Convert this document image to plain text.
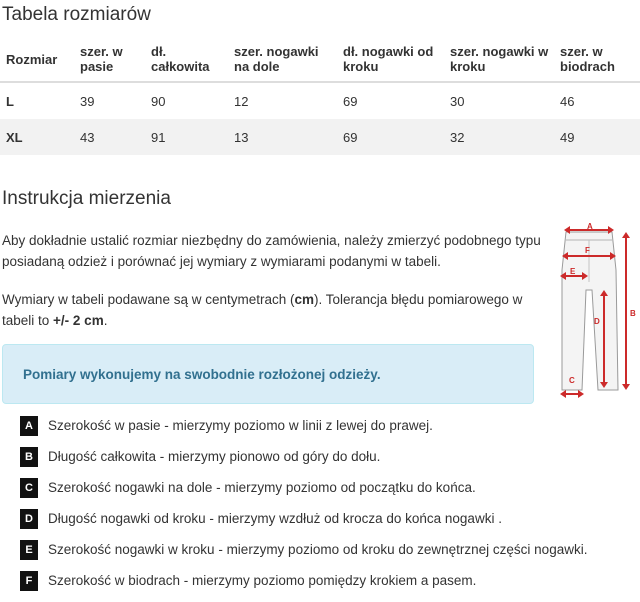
Tabela rozmiarów
Rozmiar	szer. w pasie	dł. całkowita	szer. nogawki na dole	dł. nogawki od kroku	szer. nogawki w kroku	szer. w biodrach
L	39	90	12	69	30	46
XL	43	91	13	69	32	49
Instrukcja mierzenia

Aby dokładnie ustalić rozmiar niezbędny do zamówienia, należy zmierzyć podobnego typu posiadaną odzież i porównać jej wymiary z wymiarami podanymi w tabeli.

Wymiary w tabeli podawane są w centymetrach (cm). Tolerancja błędu pomiarowego w tabeli to +/- 2 cm.

Pomiary wykonujemy na swobodnie rozłożonej odzieży.
A	Szerokość w pasie - mierzymy poziomo w linii z lewej do prawej.
B	Długość całkowita - mierzymy pionowo od góry do dołu.
C	Szerokość nogawki na dole - mierzymy poziomo od początku do końca.
D	Długość nogawki od kroku - mierzymy wzdłuż od krocza do końca nogawki .
E	Szerokość nogawki w kroku - mierzymy poziomo od kroku do zewnętrznej części nogawki.
F	Szerokość w biodrach - mierzymy poziomo pomiędzy krokiem a pasem.
A
F
E
D
B
C
